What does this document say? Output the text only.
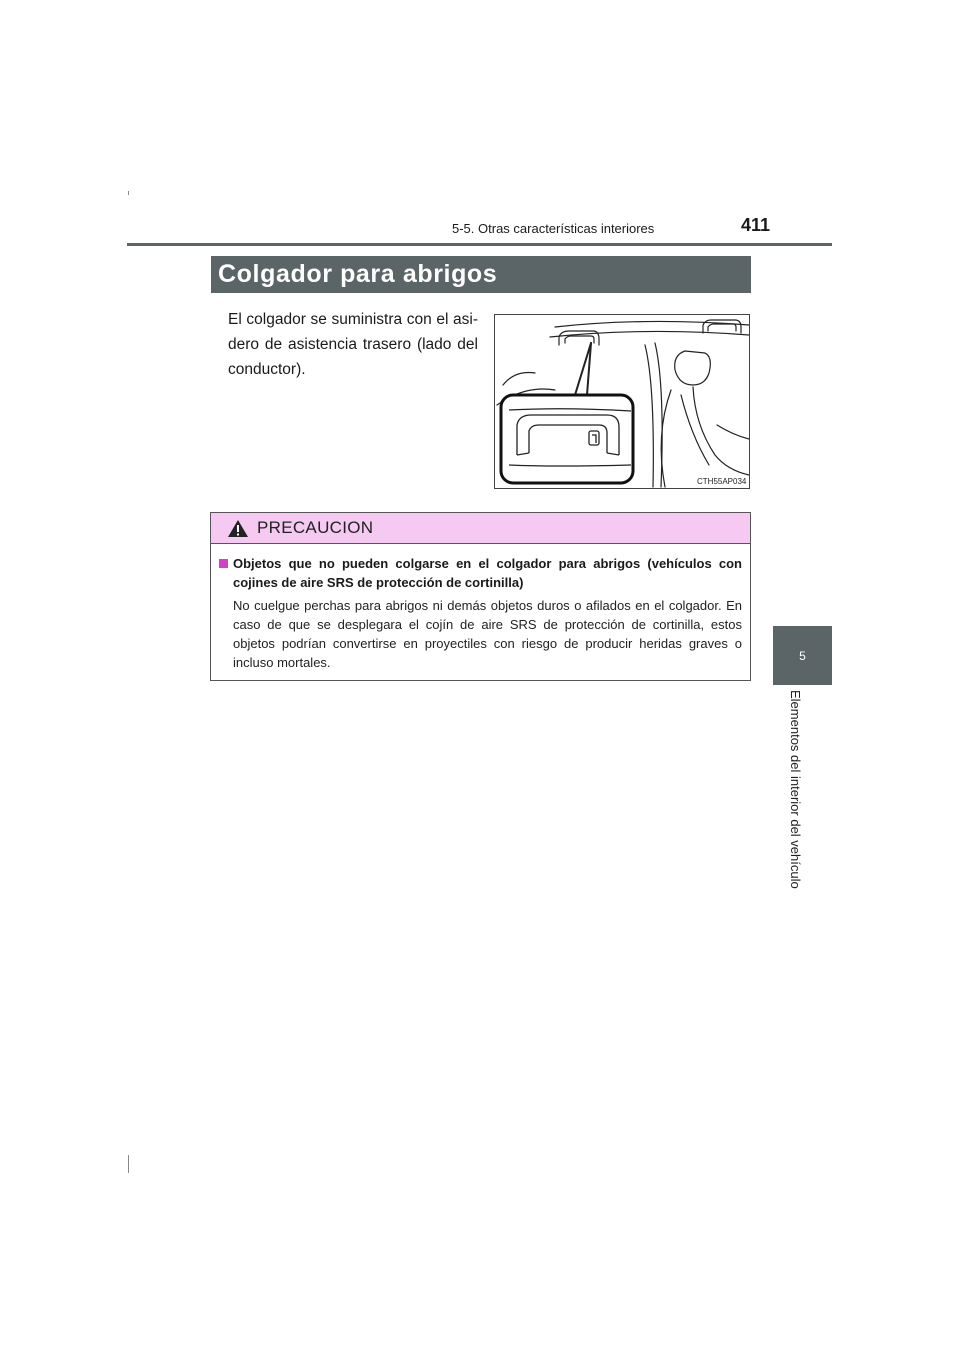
5-5. Otras características interiores	411
5
Elementos del interior del vehículo
Colgador para abrigos
El colgador se suministra con el asi-dero de asistencia trasero (lado del conductor).
CTH55AP034
PRECAUCION
Objetos que no pueden colgarse en el colgador para abrigos (vehículos con cojines de aire SRS de protección de cortinilla)
No cuelgue perchas para abrigos ni demás objetos duros o afilados en el colgador. En caso de que se desplegara el cojín de aire SRS de protección de cortinilla, estos objetos podrían convertirse en proyectiles con riesgo de producir heridas graves o incluso mortales.
